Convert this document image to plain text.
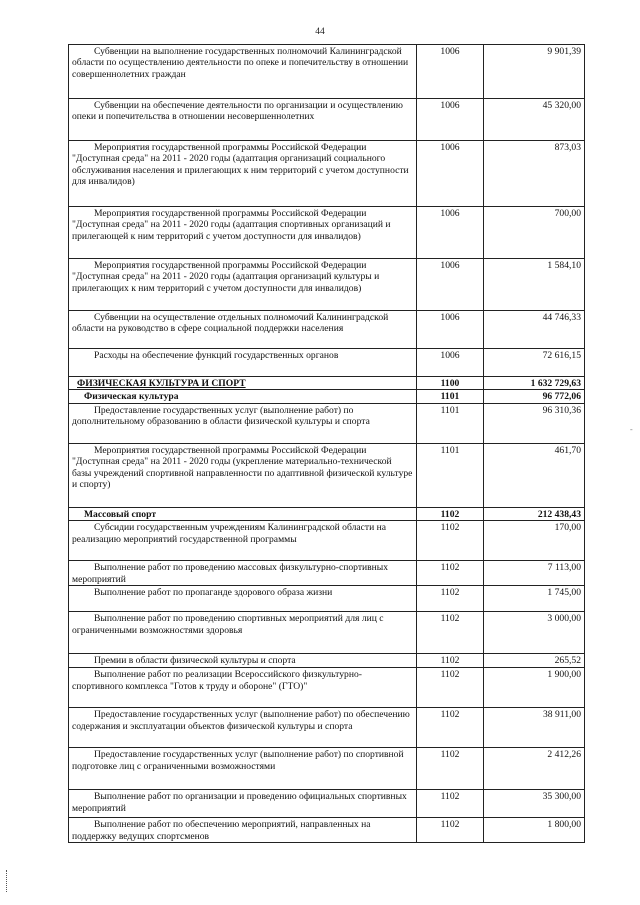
44
Субвенции на выполнение государственных полномочий Калининградской области по осуществлению деятельности по опеке и попечительству в отношении совершеннолетних граждан	1006	9 901,39
Субвенции на обеспечение деятельности по организации и осуществлению опеки и попечительства в отношении несовершеннолетних	1006	45 320,00
Мероприятия государственной программы Российской Федерации "Доступная среда" на 2011 - 2020 годы (адаптация организаций социального обслуживания населения и прилегающих к ним территорий с учетом доступности для инвалидов)	1006	873,03
Мероприятия государственной программы Российской Федерации "Доступная среда" на 2011 - 2020 годы (адаптация спортивных организаций и прилегающей к ним территорий с учетом доступности для инвалидов)	1006	700,00
Мероприятия государственной программы Российской Федерации "Доступная среда" на 2011 - 2020 годы (адаптация организаций культуры и прилегающих к ним территорий с учетом доступности для инвалидов)	1006	1 584,10
Субвенции на осуществление отдельных полномочий Калининградской области на руководство в сфере социальной поддержки населения	1006	44 746,33
Расходы на обеспечение функций государственных органов	1006	72 616,15
ФИЗИЧЕСКАЯ КУЛЬТУРА И СПОРТ	1100	1 632 729,63
Физическая культура	1101	96 772,06
Предоставление государственных услуг (выполнение работ) по дополнительному образованию в области физической культуры и спорта	1101	96 310,36
Мероприятия государственной программы Российской Федерации "Доступная среда" на 2011 - 2020 годы (укрепление материально-технической базы учреждений спортивной направленности по адаптивной физической культуре и спорту)	1101	461,70
Массовый спорт	1102	212 438,43
Субсидии государственным учреждениям Калининградской области на реализацию мероприятий государственной программы	1102	170,00
Выполнение работ по проведению массовых физкультурно-спортивных мероприятий	1102	7 113,00
Выполнение работ по пропаганде здорового образа жизни	1102	1 745,00
Выполнение работ по проведению спортивных мероприятий для лиц с ограниченными возможностями здоровья	1102	3 000,00
Премии в области физической культуры и спорта	1102	265,52
Выполнение работ по реализации Всероссийского физкультурно-спортивного комплекса "Готов к труду и обороне" (ГТО)"	1102	1 900,00
Предоставление государственных услуг (выполнение работ) по обеспечению содержания и эксплуатации объектов физической культуры и спорта	1102	38 911,00
Предоставление государственных услуг (выполнение работ) по спортивной подготовке лиц с ограниченными возможностями	1102	2 412,26
Выполнение работ по организации и проведению официальных спортивных мероприятий	1102	35 300,00
Выполнение работ по обеспечению мероприятий, направленных на поддержку ведущих спортсменов	1102	1 800,00
-
